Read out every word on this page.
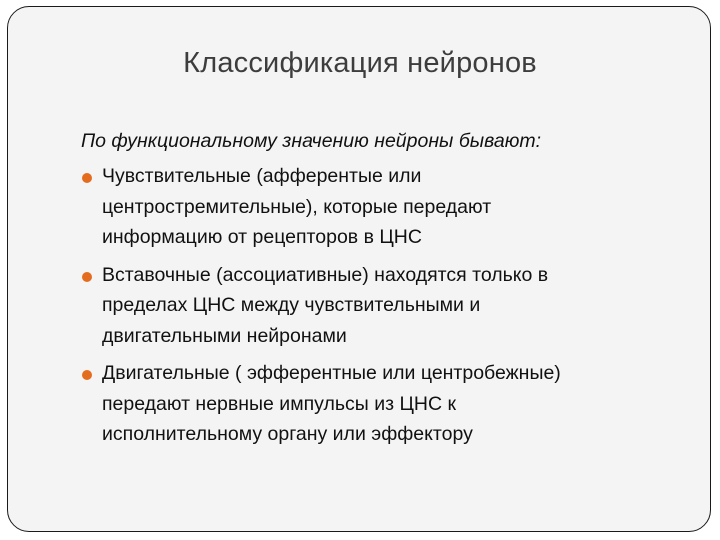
Классификация нейронов
По функциональному значению нейроны бывают:
Чувствительные (афферентые или
центростремительные), которые передают
информацию от рецепторов в ЦНС
Вставочные (ассоциативные) находятся только в
пределах ЦНС между чувствительными и
двигательными нейронами
Двигательные ( эфферентные или центробежные)
передают нервные импульсы из ЦНС к
исполнительному органу или эффектору
